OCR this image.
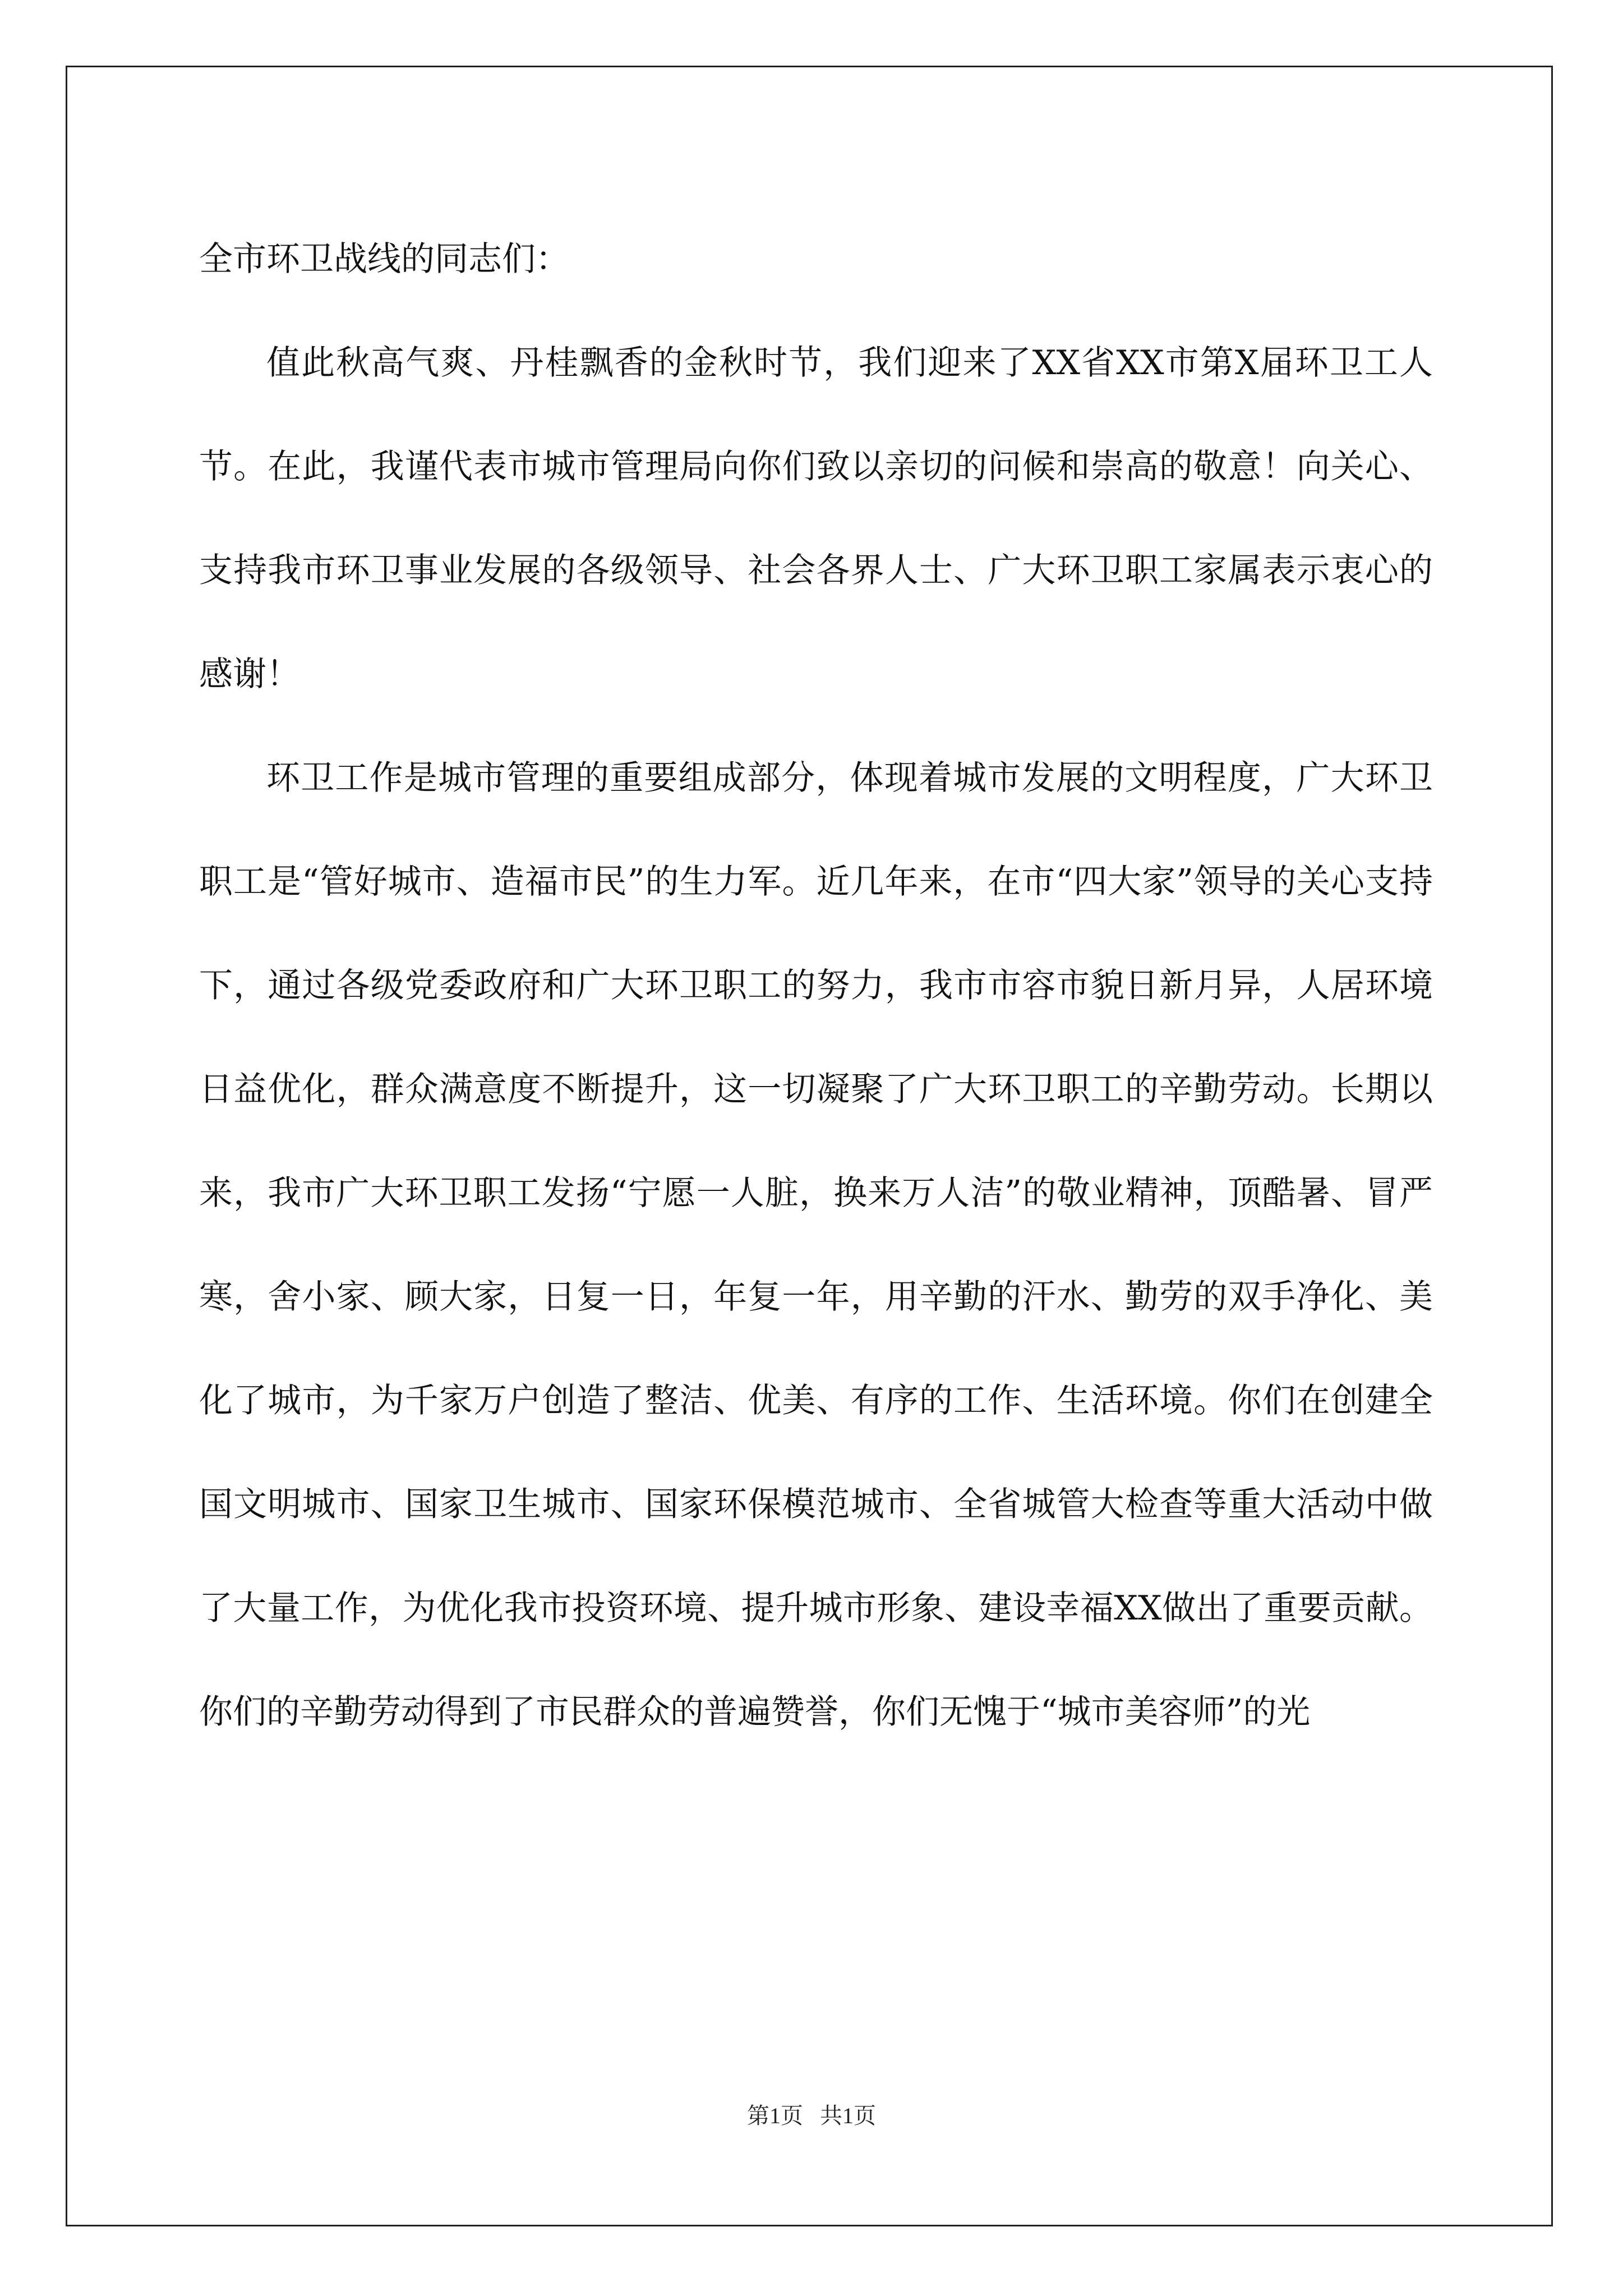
全市环卫战线的同志们：

值此秋高气爽、丹桂飘香的金秋时节，我们迎来了XX省XX市第X届环卫工人节。在此，我谨代表市城市管理局向你们致以亲切的问候和崇高的敬意！向关心、支持我市环卫事业发展的各级领导、社会各界人士、广大环卫职工家属表示衷心的感谢！

环卫工作是城市管理的重要组成部分，体现着城市发展的文明程度，广大环卫职工是“管好城市、造福市民”的生力军。近几年来，在市“四大家”领导的关心支持下，通过各级党委政府和广大环卫职工的努力，我市市容市貌日新月异，人居环境日益优化，群众满意度不断提升，这一切凝聚了广大环卫职工的辛勤劳动。长期以来，我市广大环卫职工发扬“宁愿一人脏，换来万人洁”的敬业精神，顶酷暑、冒严寒，舍小家、顾大家，日复一日，年复一年，用辛勤的汗水、勤劳的双手净化、美化了城市，为千家万户创造了整洁、优美、有序的工作、生活环境。你们在创建全国文明城市、国家卫生城市、国家环保模范城市、全省城管大检查等重大活动中做了大量工作，为优化我市投资环境、提升城市形象、建设幸福XX做出了重要贡献。你们的辛勤劳动得到了市民群众的普遍赞誉，你们无愧于“城市美容师”的光

第1页 共1页
